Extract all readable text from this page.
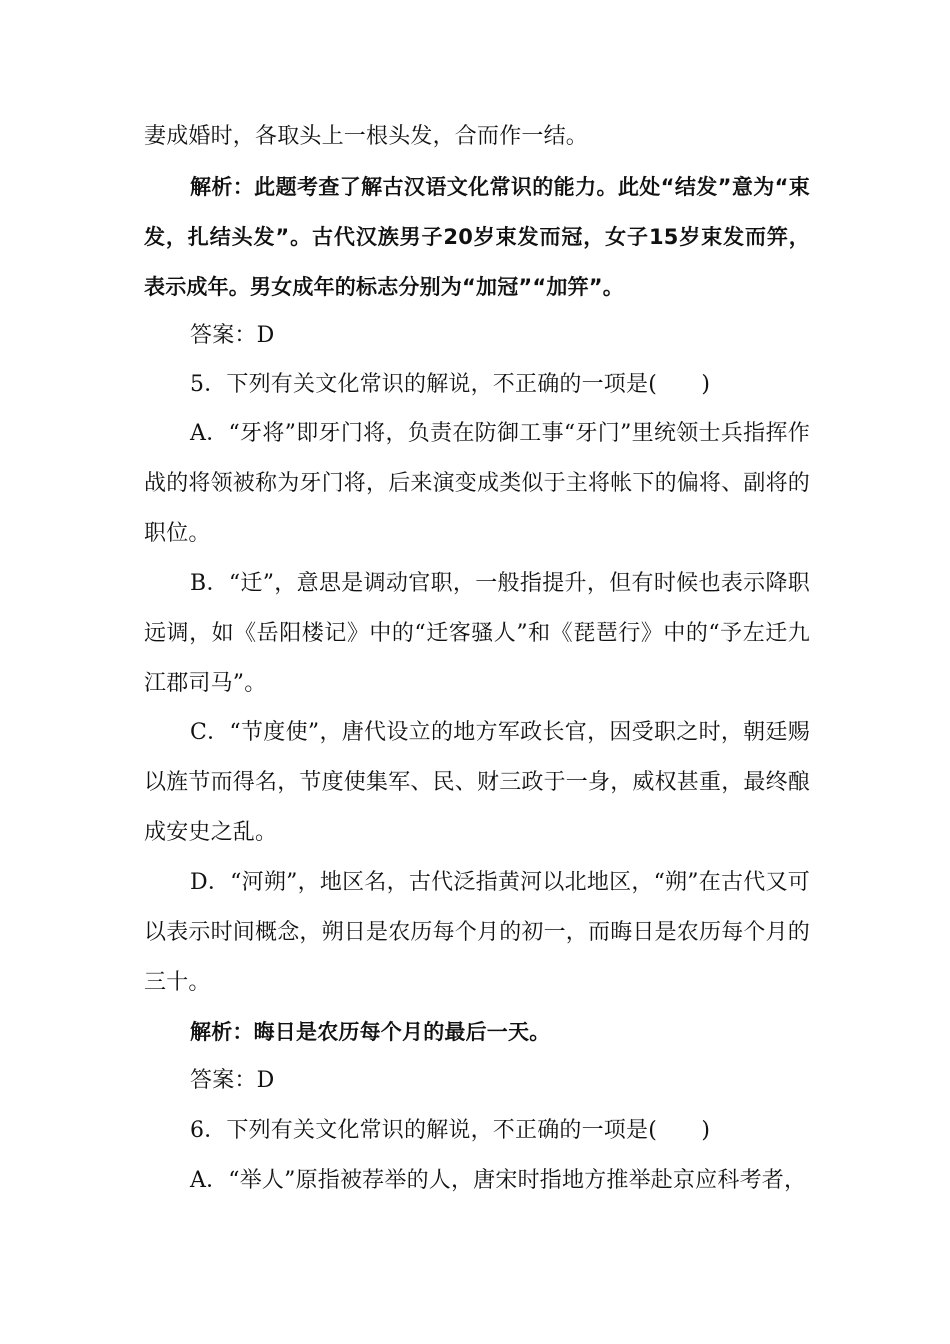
妻成婚时，各取头上一根头发，合而作一结。

解析：此题考查了解古汉语文化常识的能力。此处“结发”意为“束发，扎结头发”。古代汉族男子20岁束发而冠，女子15岁束发而笄，表示成年。男女成年的标志分别为“加冠”“加笄”。

答案：D

5．下列有关文化常识的解说，不正确的一项是(　　)

A．“牙将”即牙门将，负责在防御工事“牙门”里统领士兵指挥作战的将领被称为牙门将，后来演变成类似于主将帐下的偏将、副将的职位。

B．“迁”，意思是调动官职，一般指提升，但有时候也表示降职远调，如《岳阳楼记》中的“迁客骚人”和《琵琶行》中的“予左迁九江郡司马”。

C．“节度使”，唐代设立的地方军政长官，因受职之时，朝廷赐以旌节而得名，节度使集军、民、财三政于一身，威权甚重，最终酿成安史之乱。

D．“河朔”，地区名，古代泛指黄河以北地区，“朔”在古代又可以表示时间概念，朔日是农历每个月的初一，而晦日是农历每个月的三十。

解析：晦日是农历每个月的最后一天。

答案：D

6．下列有关文化常识的解说，不正确的一项是(　　)

A．“举人”原指被荐举的人，唐宋时指地方推举赴京应科考者，
